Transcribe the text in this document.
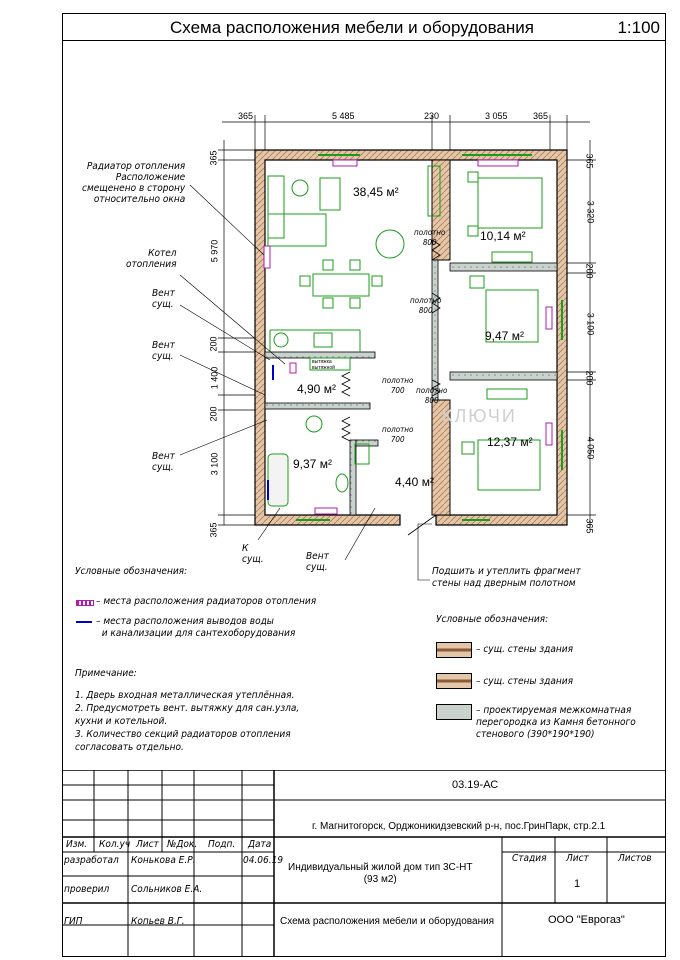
Схема расположения мебели и оборудования	1:100
365	5 485	230	3 055	365
365
5 970
200
1 400
200
3 100
365
365
3 320
200
3 100
200
4 050
365
38,45 м²
10,14 м²
9,47 м²
12,37 м²
4,90 м²
9,37 м²
4,40 м²
полотно
800
полотно
800
полотно
700	полотно
800
полотно
700
Радиатор отопления
Расположение
смещенено в сторону
относительно окна
Котел
отопления
Вент
сущ.
Вент
сущ.
Вент
сущ.
К
сущ.	Вент
сущ.	Подшить и утеплить фрагмент
стены над дверным полотном
вытяжка
вытяжной
КЛЮЧИ
Условные обозначения:
– места расположения радиаторов отопления
– места расположения выводов воды
и канализации для сантехоборудования
Примечание:
1. Дверь входная металлическая утеплённая.
2. Предусмотреть вент. вытяжку для сан.узла,
кухни и котельной.
3. Количество секций радиаторов отопления
согласовать отдельно.
Условные обозначения:
– сущ. стены здания
– сущ. стены здания
– проектируемая межкомнатная
перегородка из Камня бетонного
стенового (390*190*190)
03.19-АС
г. Магнитогорск, Орджоникидзевский р-н, пос.ГринПарк, стр.2.1
Изм. Кол.уч Лист №Док. Подп. Дата
разработал Конькова Е.Р.	04.06.19
проверил Сольников Е.А.
ГИП	Копьев В.Г.
Индивидуальный жилой дом тип 3С-НТ
(93 м2)
Стадия Лист	Листов
1
Схема расположения мебели и оборудования	ООО "Еврогаз"
